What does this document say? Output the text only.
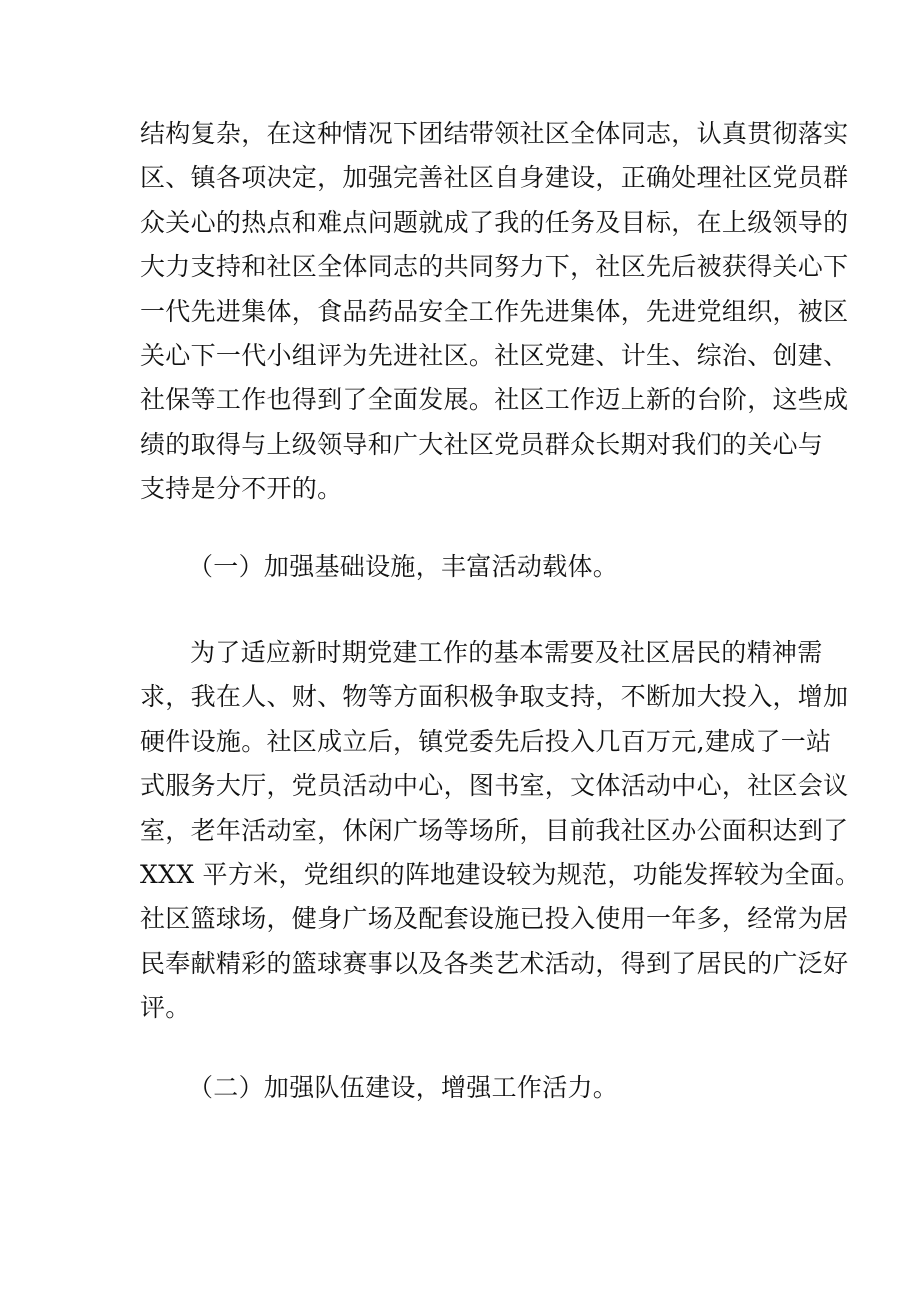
结构复杂，在这种情况下团结带领社区全体同志，认真贯彻落实
区、镇各项决定，加强完善社区自身建设，正确处理社区党员群
众关心的热点和难点问题就成了我的任务及目标，在上级领导的
大力支持和社区全体同志的共同努力下，社区先后被获得关心下
一代先进集体，食品药品安全工作先进集体，先进党组织，被区
关心下一代小组评为先进社区。社区党建、计生、综治、创建、
社保等工作也得到了全面发展。社区工作迈上新的台阶，这些成
绩的取得与上级领导和广大社区党员群众长期对我们的关心与
支持是分不开的。
（一）加强基础设施，丰富活动载体。
为了适应新时期党建工作的基本需要及社区居民的精神需
求，我在人、财、物等方面积极争取支持，不断加大投入，增加
硬件设施。社区成立后，镇党委先后投入几百万元,建成了一站
式服务大厅，党员活动中心，图书室，文体活动中心，社区会议
室，老年活动室，休闲广场等场所，目前我社区办公面积达到了
XXX 平方米，党组织的阵地建设较为规范，功能发挥较为全面。
社区篮球场，健身广场及配套设施已投入使用一年多，经常为居
民奉献精彩的篮球赛事以及各类艺术活动，得到了居民的广泛好
评。
（二）加强队伍建设，增强工作活力。
